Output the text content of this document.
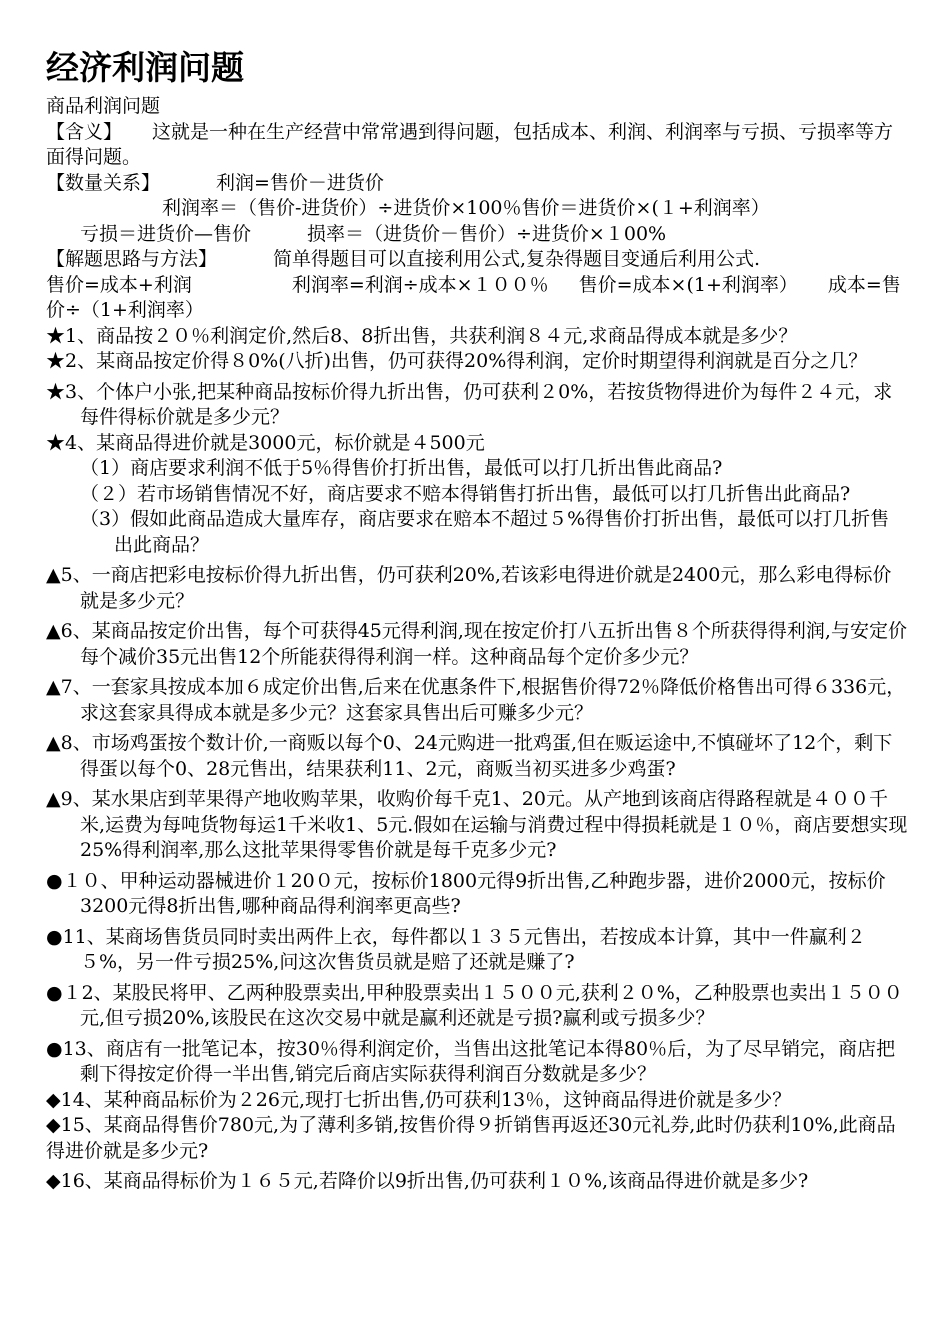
经济利润问题

商品利润问题

【含义】 这就是一种在生产经营中常常遇到得问题，包括成本、利润、利润率与亏损、亏损率等方面得问题。

【数量关系】	利润=售价－进货价

利润率＝（售价-进货价）÷进货价×100％售价＝进货价×(１+利润率）

亏损＝进货价—售价	损率＝（进货价－售价）÷进货价×１00%

【解题思路与方法】	简单得题目可以直接利用公式,复杂得题目变通后利用公式.

售价=成本+利润	利润率=利润÷成本×１００％ 售价=成本×(1+利润率） 成本=售价÷（1+利润率）

★1、商品按２０％利润定价,然后8、8折出售，共获利润８４元,求商品得成本就是多少？

★2、某商品按定价得８0%(八折)出售，仍可获得20%得利润，定价时期望得利润就是百分之几？

★3、个体户小张,把某种商品按标价得九折出售，仍可获利２0%，若按货物得进价为每件２４元，求每件得标价就是多少元？

★4、某商品得进价就是3000元，标价就是４500元

（1）商店要求利润不低于5％得售价打折出售，最低可以打几折出售此商品?

（２）若市场销售情况不好，商店要求不赔本得销售打折出售，最低可以打几折售出此商品?

（3）假如此商品造成大量库存，商店要求在赔本不超过５%得售价打折出售，最低可以打几折售出此商品？

▲5、一商店把彩电按标价得九折出售，仍可获利20%,若该彩电得进价就是2400元，那么彩电得标价就是多少元？

▲6、某商品按定价出售，每个可获得45元得利润,现在按定价打八五折出售８个所获得得利润,与安定价每个减价35元出售12个所能获得得利润一样。这种商品每个定价多少元？

▲7、一套家具按成本加６成定价出售,后来在优惠条件下,根据售价得72％降低价格售出可得６336元，求这套家具得成本就是多少元？这套家具售出后可赚多少元？

▲8、市场鸡蛋按个数计价,一商贩以每个0、24元购进一批鸡蛋,但在贩运途中,不慎碰坏了12个，剩下得蛋以每个0、28元售出，结果获利11、2元，商贩当初买进多少鸡蛋?

▲9、某水果店到苹果得产地收购苹果，收购价每千克1、20元。从产地到该商店得路程就是４００千米,运费为每吨货物每运1千米收1、5元.假如在运输与消费过程中得损耗就是１０％，商店要想实现25%得利润率,那么这批苹果得零售价就是每千克多少元?

●１０、甲种运动器械进价１20０元，按标价1800元得9折出售,乙种跑步器，进价2000元，按标价3200元得8折出售,哪种商品得利润率更高些?

●11、某商场售货员同时卖出两件上衣，每件都以１３５元售出，若按成本计算，其中一件赢利２５%，另一件亏损25%,问这次售货员就是赔了还就是赚了?

●１2、某股民将甲、乙两种股票卖出,甲种股票卖出１５００元,获利２０%，乙种股票也卖出１５００元,但亏损20%,该股民在这次交易中就是赢利还就是亏损?赢利或亏损多少？

●13、商店有一批笔记本，按30％得利润定价，当售出这批笔记本得80％后，为了尽早销完，商店把剩下得按定价得一半出售,销完后商店实际获得利润百分数就是多少？

◆14、某种商品标价为２26元,现打七折出售,仍可获利13％，这钟商品得进价就是多少？

◆15、某商品得售价780元,为了薄利多销,按售价得９折销售再返还30元礼券,此时仍获利10%,此商品得进价就是多少元?

◆16、某商品得标价为１６５元,若降价以9折出售,仍可获利１０%,该商品得进价就是多少?
